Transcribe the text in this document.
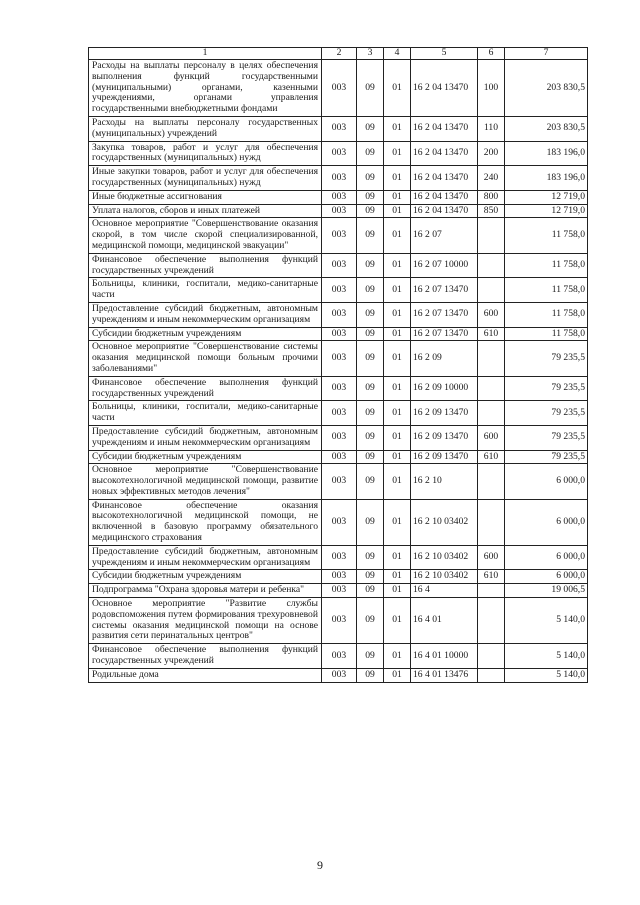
1	2	3	4	5	6	7
Расходы на выплаты персоналу в целях обеспечения выполнения функций государственными (муниципальными) органами, казенными учреждениями, органами управления государственными внебюджетными фондами	003	09	01	16 2 04 13470	100	203 830,5
Расходы на выплаты персоналу государственных (муниципальных) учреждений	003	09	01	16 2 04 13470	110	203 830,5
Закупка товаров, работ и услуг для обеспечения государственных (муниципальных) нужд	003	09	01	16 2 04 13470	200	183 196,0
Иные закупки товаров, работ и услуг для обеспечения государственных (муниципальных) нужд	003	09	01	16 2 04 13470	240	183 196,0
Иные бюджетные ассигнования	003	09	01	16 2 04 13470	800	12 719,0
Уплата налогов, сборов и иных платежей	003	09	01	16 2 04 13470	850	12 719,0
Основное мероприятие "Совершенствование оказания скорой, в том числе скорой специализированной, медицинской помощи, медицинской эвакуации"	003	09	01	16 2 07		11 758,0
Финансовое обеспечение выполнения функций государственных учреждений	003	09	01	16 2 07 10000		11 758,0
Больницы, клиники, госпитали, медико-санитарные части	003	09	01	16 2 07 13470		11 758,0
Предоставление субсидий бюджетным, автономным учреждениям и иным некоммерческим организациям	003	09	01	16 2 07 13470	600	11 758,0
Субсидии бюджетным учреждениям	003	09	01	16 2 07 13470	610	11 758,0
Основное мероприятие "Совершенствование системы оказания медицинской помощи больным прочими заболеваниями"	003	09	01	16 2 09		79 235,5
Финансовое обеспечение выполнения функций государственных учреждений	003	09	01	16 2 09 10000		79 235,5
Больницы, клиники, госпитали, медико-санитарные части	003	09	01	16 2 09 13470		79 235,5
Предоставление субсидий бюджетным, автономным учреждениям и иным некоммерческим организациям	003	09	01	16 2 09 13470	600	79 235,5
Субсидии бюджетным учреждениям	003	09	01	16 2 09 13470	610	79 235,5
Основное мероприятие "Совершенствование высокотехнологичной медицинской помощи, развитие новых эффективных методов лечения"	003	09	01	16 2 10		6 000,0
Финансовое обеспечение оказания высокотехнологичной медицинской помощи, не включенной в базовую программу обязательного медицинского страхования	003	09	01	16 2 10 03402		6 000,0
Предоставление субсидий бюджетным, автономным учреждениям и иным некоммерческим организациям	003	09	01	16 2 10 03402	600	6 000,0
Субсидии бюджетным учреждениям	003	09	01	16 2 10 03402	610	6 000,0
Подпрограмма "Охрана здоровья матери и ребенка"	003	09	01	16 4		19 006,5
Основное мероприятие "Развитие службы родовспоможения путем формирования трехуровневой системы оказания медицинской помощи на основе развития сети перинатальных центров"	003	09	01	16 4 01		5 140,0
Финансовое обеспечение выполнения функций государственных учреждений	003	09	01	16 4 01 10000		5 140,0
Родильные дома	003	09	01	16 4 01 13476		5 140,0
9
